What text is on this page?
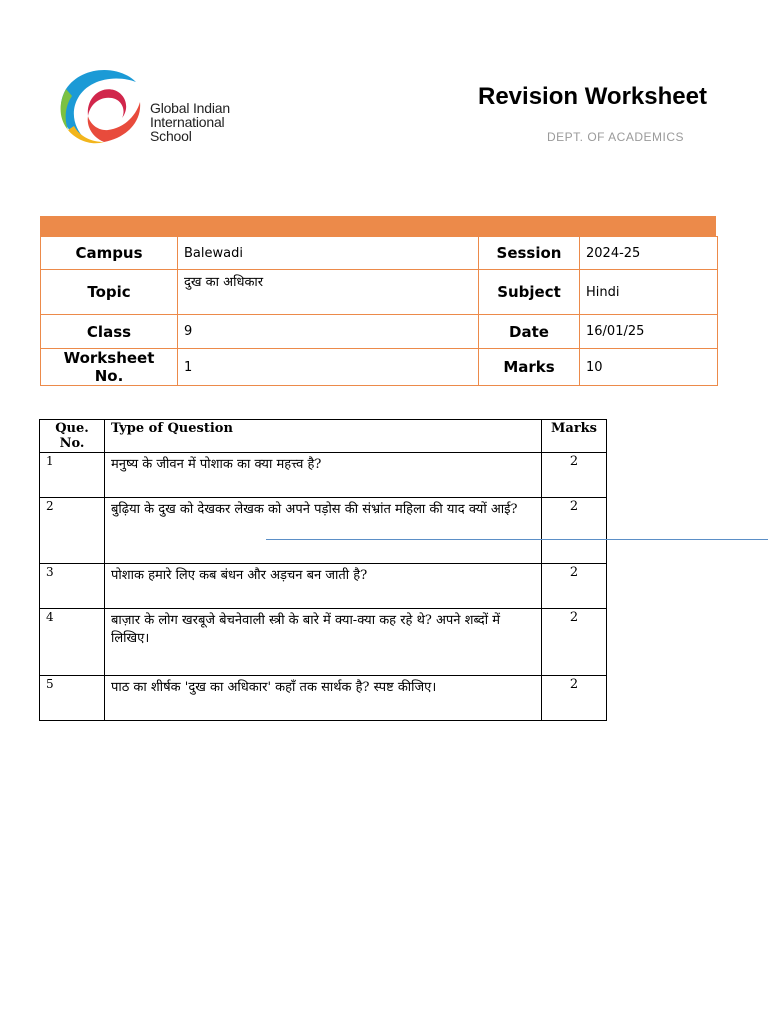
Global Indian
International
School
Revision Worksheet
DEPT. OF ACADEMICS
Campus	Balewadi	Session	2024-25
Topic	दुख का अधिकार	Subject	Hindi
Class	9	Date	16/01/25
Worksheet No.	1	Marks	10
Que.
No.	Type of Question	Marks
1	मनुष्य के जीवन में पोशाक का क्या महत्त्व है?	2
2	बुढ़िया के दुख को देखकर लेखक को अपने पड़ोस की संभ्रांत महिला की याद क्यों आई?	2
3	पोशाक हमारे लिए कब बंधन और अड़चन बन जाती है?	2
4	बाज़ार के लोग खरबूजे बेचनेवाली स्त्री के बारे में क्या-क्या कह रहे थे? अपने शब्दों में लिखिए।	2
5	पाठ का शीर्षक 'दुख का अधिकार' कहाँ तक सार्थक है? स्पष्ट कीजिए।	2
